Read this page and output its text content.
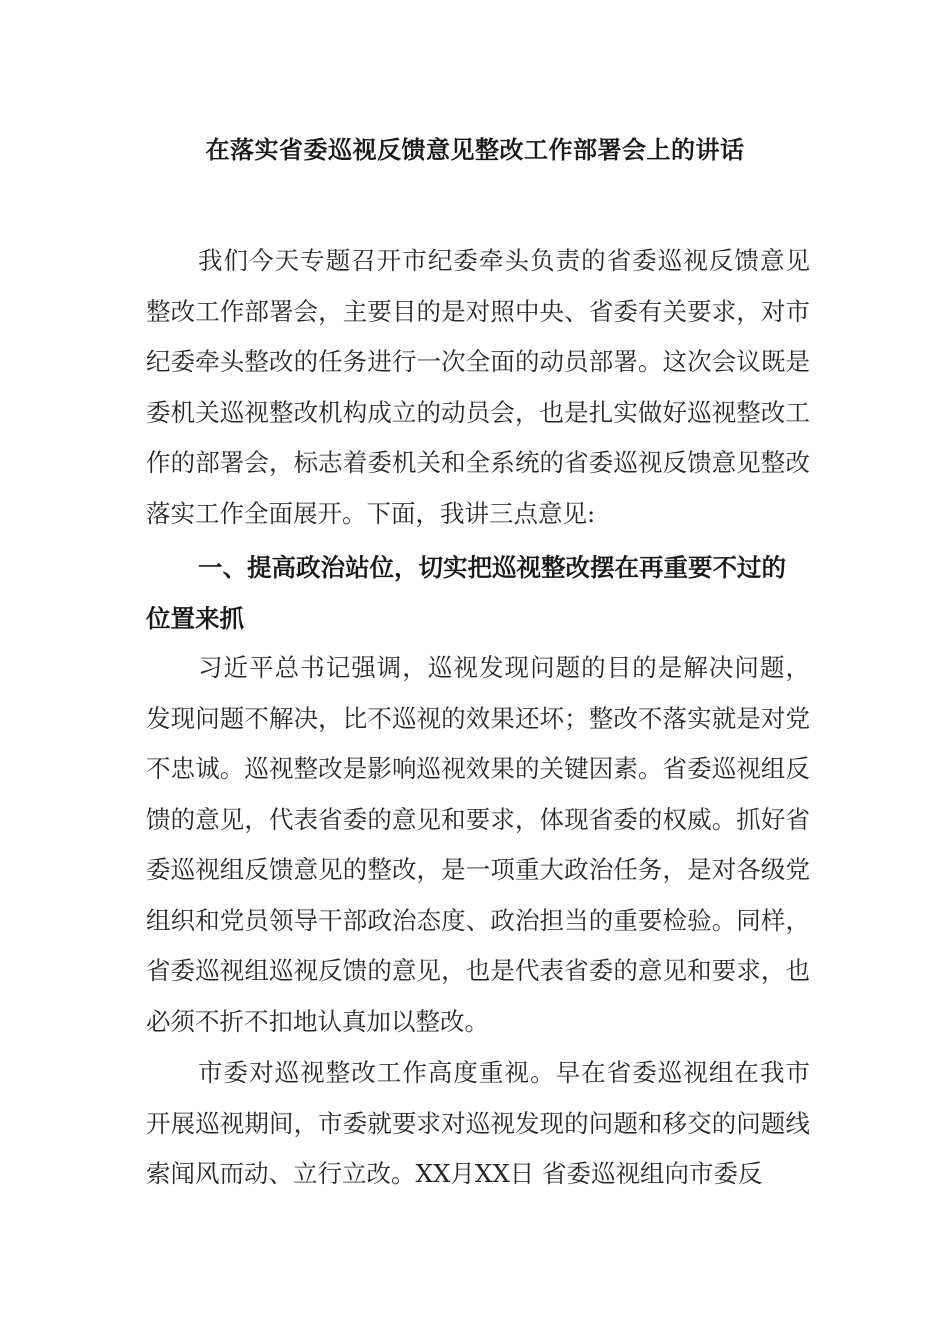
在落实省委巡视反馈意见整改工作部署会上的讲话

我们今天专题召开市纪委牵头负责的省委巡视反馈意见整改工作部署会，主要目的是对照中央、省委有关要求，对市纪委牵头整改的任务进行一次全面的动员部署。这次会议既是委机关巡视整改机构成立的动员会，也是扎实做好巡视整改工作的部署会，标志着委机关和全系统的省委巡视反馈意见整改落实工作全面展开。下面，我讲三点意见:

一、提高政治站位，切实把巡视整改摆在再重要不过的位置来抓

习近平总书记强调，巡视发现问题的目的是解决问题，发现问题不解决，比不巡视的效果还坏；整改不落实就是对党不忠诚。巡视整改是影响巡视效果的关键因素。省委巡视组反馈的意见，代表省委的意见和要求，体现省委的权威。抓好省委巡视组反馈意见的整改，是一项重大政治任务，是对各级党组织和党员领导干部政治态度、政治担当的重要检验。同样，省委巡视组巡视反馈的意见，也是代表省委的意见和要求，也必须不折不扣地认真加以整改。

市委对巡视整改工作高度重视。早在省委巡视组在我市开展巡视期间，市委就要求对巡视发现的问题和移交的问题线索闻风而动、立行立改。XX月XX日 省委巡视组向市委反
